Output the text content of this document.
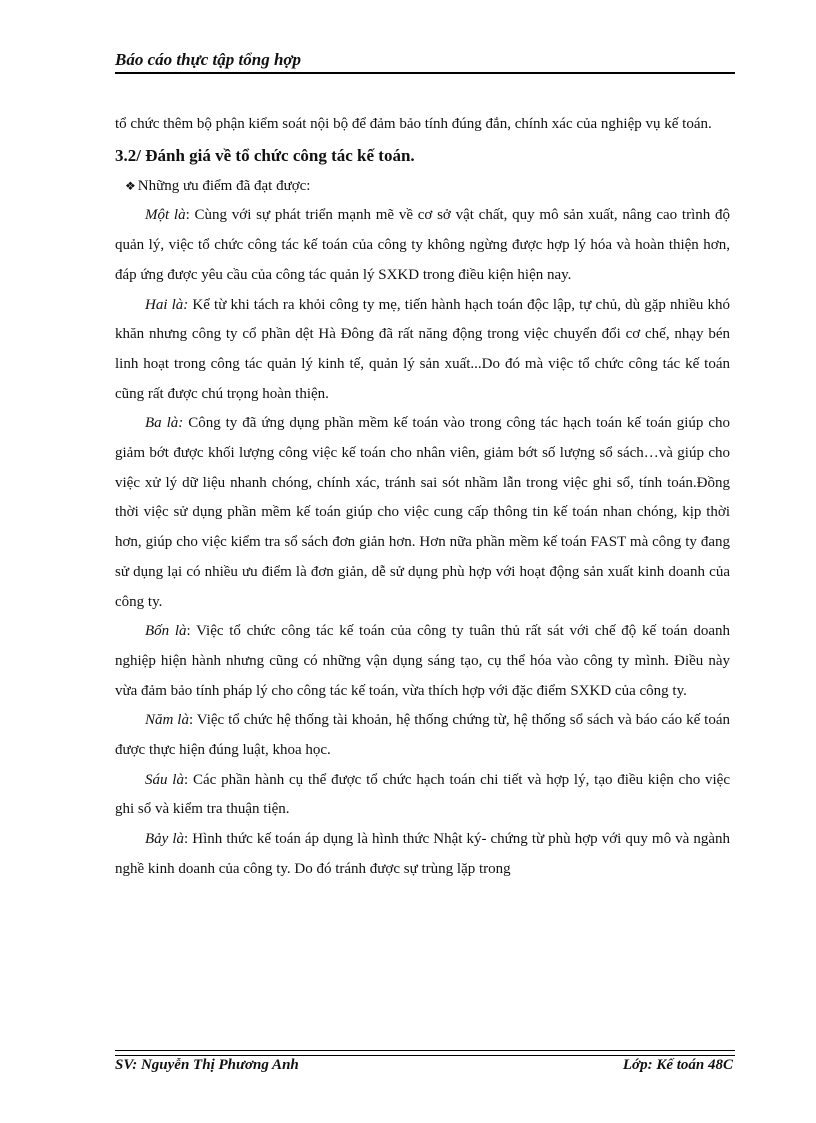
Báo cáo thực tập tổng hợp

tổ chức thêm bộ phận kiểm soát nội bộ để đảm bảo tính đúng đắn, chính xác của nghiệp vụ kế toán.

3.2/ Đánh giá về tổ chức công tác kế toán.

❖ Những ưu điểm đã đạt được:

Một là: Cùng với sự phát triển mạnh mẽ về cơ sở vật chất, quy mô sản xuất, nâng cao trình độ quản lý, việc tổ chức công tác kế toán của công ty không ngừng được hợp lý hóa và hoàn thiện hơn, đáp ứng được yêu cầu của công tác quản lý SXKD trong điều kiện hiện nay.

Hai là: Kể từ khi tách ra khỏi công ty mẹ, tiến hành hạch toán độc lập, tự chủ, dù gặp nhiều khó khăn nhưng công ty cổ phần dệt Hà Đông đã rất năng động trong việc chuyển đổi cơ chế, nhạy bén linh hoạt trong công tác quản lý kinh tế, quản lý sản xuất...Do đó mà việc tổ chức công tác kế toán cũng rất được chú trọng hoàn thiện.

Ba là: Công ty đã ứng dụng phần mềm kế toán vào trong công tác hạch toán kế toán giúp cho giảm bớt được khối lượng công việc kế toán cho nhân viên, giảm bớt số lượng sổ sách…và giúp cho việc xử lý dữ liệu nhanh chóng, chính xác, tránh sai sót nhầm lẫn trong việc ghi sổ, tính toán.Đồng thời việc sử dụng phần mềm kế toán giúp cho việc cung cấp thông tin kế toán nhan chóng, kịp thời hơn, giúp cho việc kiểm tra sổ sách đơn giản hơn. Hơn nữa phần mềm kế toán FAST mà công ty đang sử dụng lại có nhiều ưu điểm là đơn giản, dễ sử dụng phù hợp với hoạt động sản xuất kinh doanh của công ty.

Bốn là: Việc tổ chức công tác kế toán của công ty tuân thủ rất sát với chế độ kế toán doanh nghiệp hiện hành nhưng cũng có những vận dụng sáng tạo, cụ thể hóa vào công ty mình. Điều này vừa đảm bảo tính pháp lý cho công tác kế toán, vừa thích hợp với đặc điểm SXKD của công ty.

Năm là: Việc tổ chức hệ thống tài khoản, hệ thống chứng từ, hệ thống sổ sách và báo cáo kế toán được thực hiện đúng luật, khoa học.

Sáu là: Các phần hành cụ thể được tổ chức hạch toán chi tiết và hợp lý, tạo điều kiện cho việc ghi sổ và kiểm tra thuận tiện.

Bảy là: Hình thức kế toán áp dụng là hình thức Nhật ký- chứng từ phù hợp với quy mô và ngành nghề kinh doanh của công ty. Do đó tránh được sự trùng lặp trong

SV: Nguyễn Thị Phương Anh	Lớp: Kế toán 48C
